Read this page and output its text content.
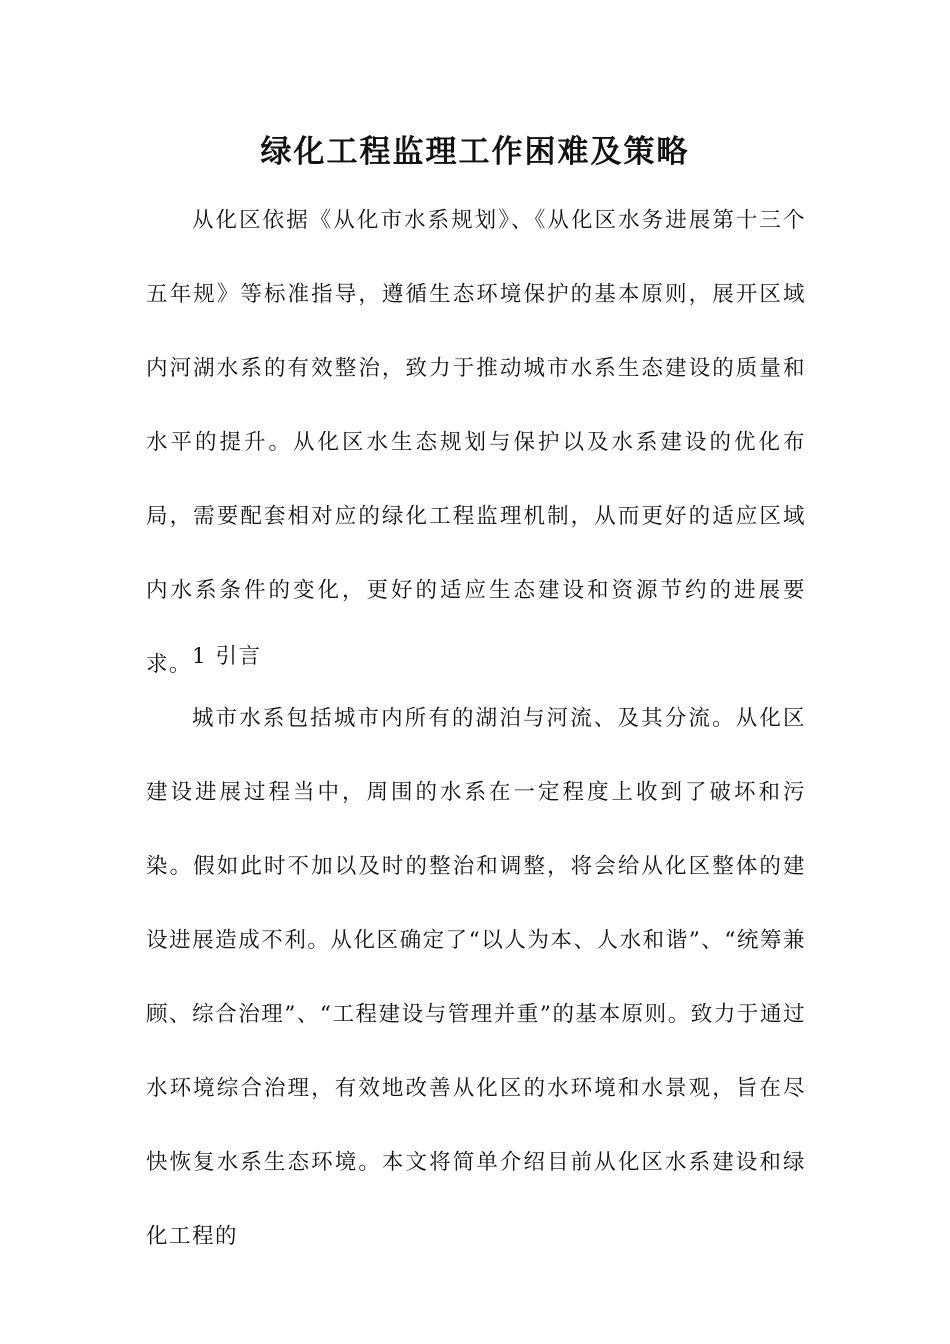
绿化工程监理工作困难及策略

从化区依据《从化市水系规划》、《从化区水务进展第十三个五年规》等标准指导，遵循生态环境保护的基本原则，展开区域内河湖水系的有效整治，致力于推动城市水系生态建设的质量和水平的提升。从化区水生态规划与保护以及水系建设的优化布局，需要配套相对应的绿化工程监理机制，从而更好的适应区域内水系条件的变化，更好的适应生态建设和资源节约的进展要求。 1 引言

城市水系包括城市内所有的湖泊与河流、及其分流。从化区建设进展过程当中，周围的水系在一定程度上收到了破坏和污染。假如此时不加以及时的整治和调整，将会给从化区整体的建设进展造成不利。从化区确定了“以人为本、人水和谐”、“统筹兼顾、综合治理”、“工程建设与管理并重”的基本原则。致力于通过水环境综合治理，有效地改善从化区的水环境和水景观，旨在尽快恢复水系生态环境。本文将简单介绍目前从化区水系建设和绿化工程的
